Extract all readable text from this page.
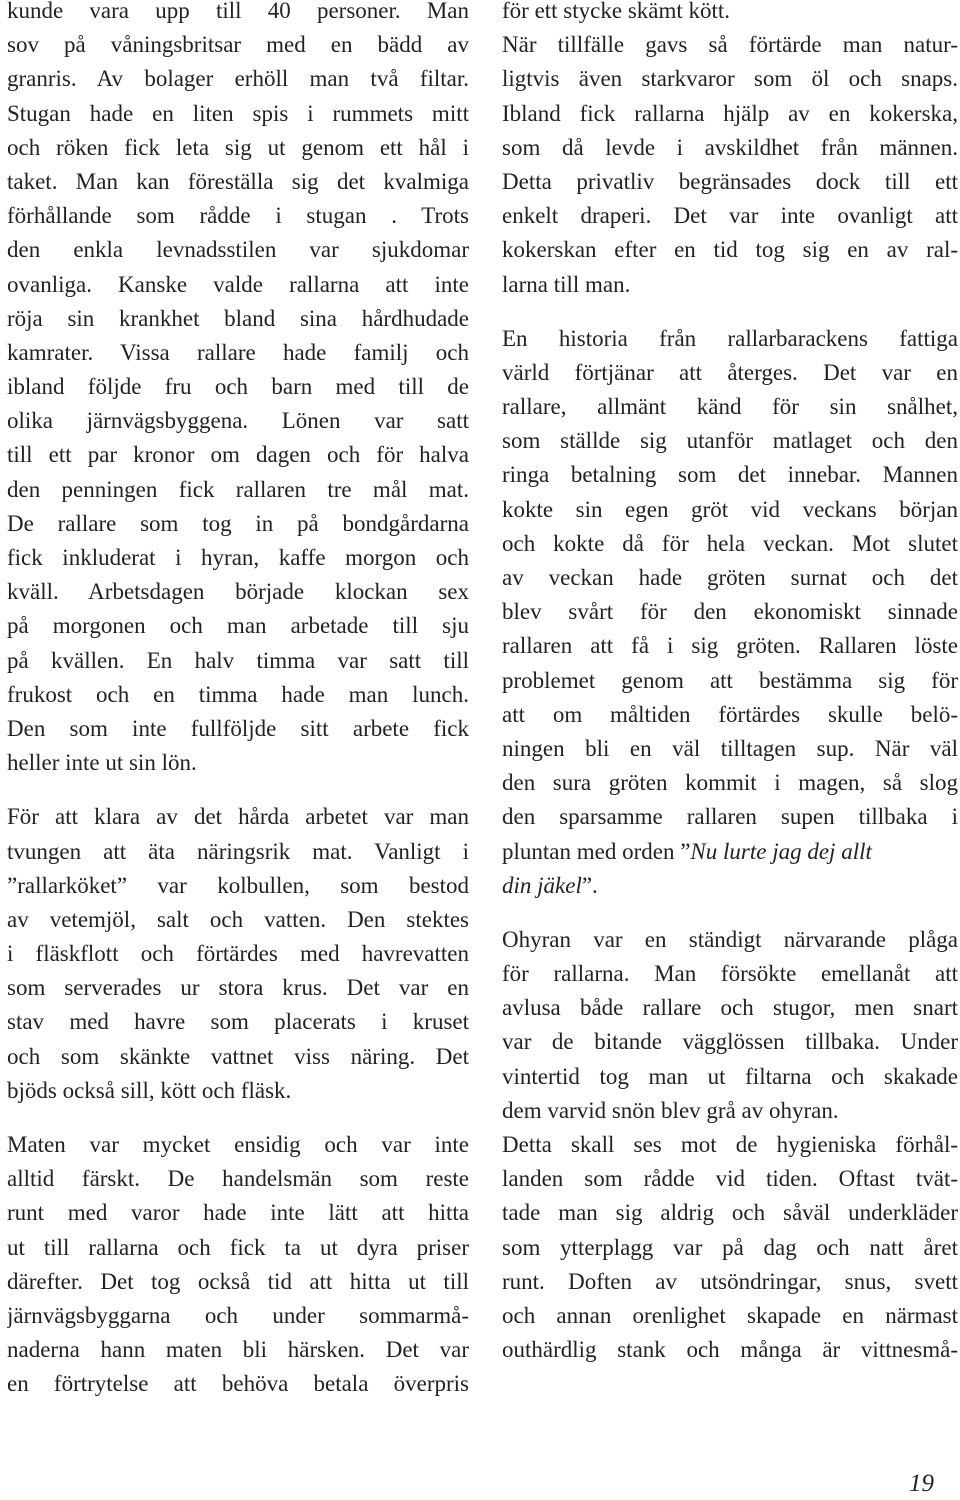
kunde vara upp till 40 personer. Man
sov på våningsbritsar med en bädd av
granris. Av bolager erhöll man två filtar.
Stugan hade en liten spis i rummets mitt
och röken fick leta sig ut genom ett hål i
taket. Man kan föreställa sig det kvalmiga
förhållande som rådde i stugan . Trots
den enkla levnadsstilen var sjukdomar
ovanliga. Kanske valde rallarna att inte
röja sin krankhet bland sina hårdhudade
kamrater. Vissa rallare hade familj och
ibland följde fru och barn med till de
olika järnvägsbyggena. Lönen var satt
till ett par kronor om dagen och för halva
den penningen fick rallaren tre mål mat.
De rallare som tog in på bondgårdarna
fick inkluderat i hyran, kaffe morgon och
kväll. Arbetsdagen började klockan sex
på morgonen och man arbetade till sju
på kvällen. En halv timma var satt till
frukost och en timma hade man lunch.
Den som inte fullföljde sitt arbete fick
heller inte ut sin lön.
För att klara av det hårda arbetet var man
tvungen att äta näringsrik mat. Vanligt i
”rallarköket” var kolbullen, som bestod
av vetemjöl, salt och vatten. Den stektes
i fläskflott och förtärdes med havrevatten
som serverades ur stora krus. Det var en
stav med havre som placerats i kruset
och som skänkte vattnet viss näring. Det
bjöds också sill, kött och fläsk.
Maten var mycket ensidig och var inte
alltid färskt. De handelsmän som reste
runt med varor hade inte lätt att hitta
ut till rallarna och fick ta ut dyra priser
därefter. Det tog också tid att hitta ut till
järnvägsbyggarna och under sommarmå-
naderna hann maten bli härsken. Det var
en förtrytelse att behöva betala överpris
för ett stycke skämt kött.
När tillfälle gavs så förtärde man natur-
ligtvis även starkvaror som öl och snaps.
Ibland fick rallarna hjälp av en kokerska,
som då levde i avskildhet från männen.
Detta privatliv begränsades dock till ett
enkelt draperi. Det var inte ovanligt att
kokerskan efter en tid tog sig en av ral-
larna till man.
En historia från rallarbarackens fattiga
värld förtjänar att återges. Det var en
rallare, allmänt känd för sin snålhet,
som ställde sig utanför matlaget och den
ringa betalning som det innebar. Mannen
kokte sin egen gröt vid veckans början
och kokte då för hela veckan. Mot slutet
av veckan hade gröten surnat och det
blev svårt för den ekonomiskt sinnade
rallaren att få i sig gröten. Rallaren löste
problemet genom att bestämma sig för
att om måltiden förtärdes skulle belö-
ningen bli en väl tilltagen sup. När väl
den sura gröten kommit i magen, så slog
den sparsamme rallaren supen tillbaka i
pluntan med orden ”Nu lurte jag dej allt
din jäkel”.
Ohyran var en ständigt närvarande plåga
för rallarna. Man försökte emellanåt att
avlusa både rallare och stugor, men snart
var de bitande vägglössen tillbaka. Under
vintertid tog man ut filtarna och skakade
dem varvid snön blev grå av ohyran.
Detta skall ses mot de hygieniska förhål-
landen som rådde vid tiden. Oftast tvät-
tade man sig aldrig och såväl underkläder
som ytterplagg var på dag och natt året
runt. Doften av utsöndringar, snus, svett
och annan orenlighet skapade en närmast
outhärdlig stank och många är vittnesmå-
19
